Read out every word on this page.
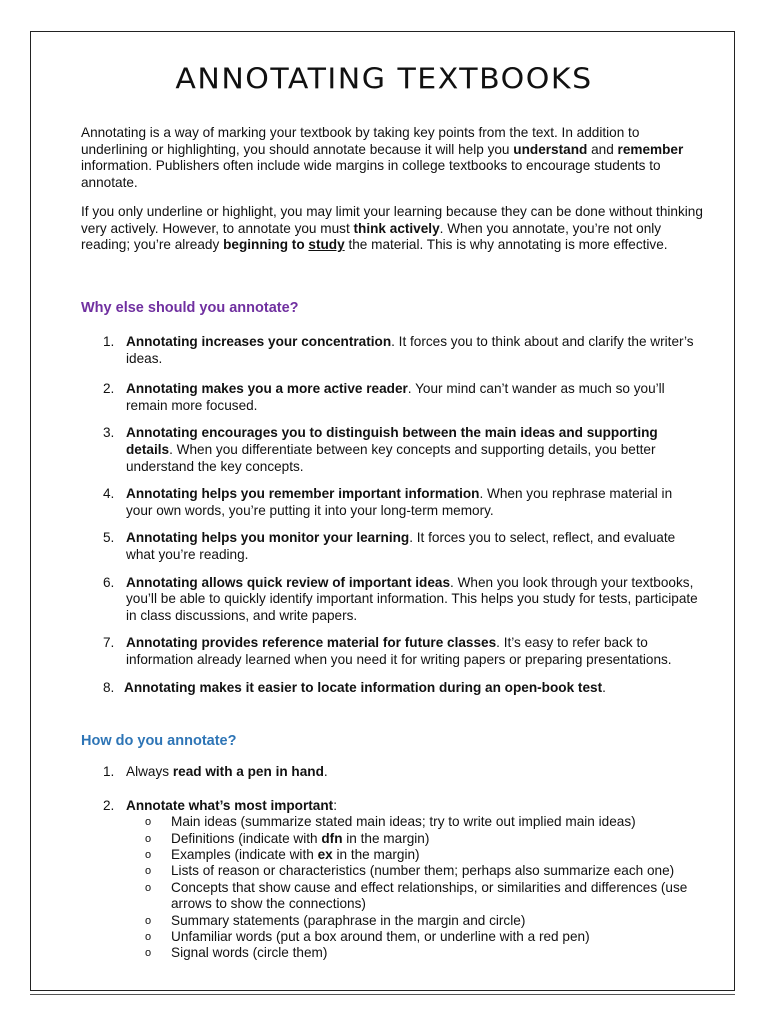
ANNOTATING TEXTBOOKS

Annotating is a way of marking your textbook by taking key points from the text. In addition to underlining or highlighting, you should annotate because it will help you understand and remember information. Publishers often include wide margins in college textbooks to encourage students to annotate.

If you only underline or highlight, you may limit your learning because they can be done without thinking very actively. However, to annotate you must think actively. When you annotate, you’re not only reading; you’re already beginning to study the material. This is why annotating is more effective.

Why else should you annotate?
1. Annotating increases your concentration. It forces you to think about and clarify the writer’s ideas.
2. Annotating makes you a more active reader. Your mind can’t wander as much so you’ll remain more focused.
3. Annotating encourages you to distinguish between the main ideas and supporting details. When you differentiate between key concepts and supporting details, you better understand the key concepts.
4. Annotating helps you remember important information. When you rephrase material in your own words, you’re putting it into your long-term memory.
5. Annotating helps you monitor your learning. It forces you to select, reflect, and evaluate what you’re reading.
6. Annotating allows quick review of important ideas. When you look through your textbooks, you’ll be able to quickly identify important information. This helps you study for tests, participate in class discussions, and write papers.
7. Annotating provides reference material for future classes. It’s easy to refer back to information already learned when you need it for writing papers or preparing presentations.
8. Annotating makes it easier to locate information during an open-book test.
How do you annotate?
1. Always read with a pen in hand.
2. Annotate what’s most important:
o Main ideas (summarize stated main ideas; try to write out implied main ideas)
o Definitions (indicate with dfn in the margin)
o Examples (indicate with ex in the margin)
o Lists of reason or characteristics (number them; perhaps also summarize each one)
o Concepts that show cause and effect relationships, or similarities and differences (use arrows to show the connections)
o Summary statements (paraphrase in the margin and circle)
o Unfamiliar words (put a box around them, or underline with a red pen)
o Signal words (circle them)
